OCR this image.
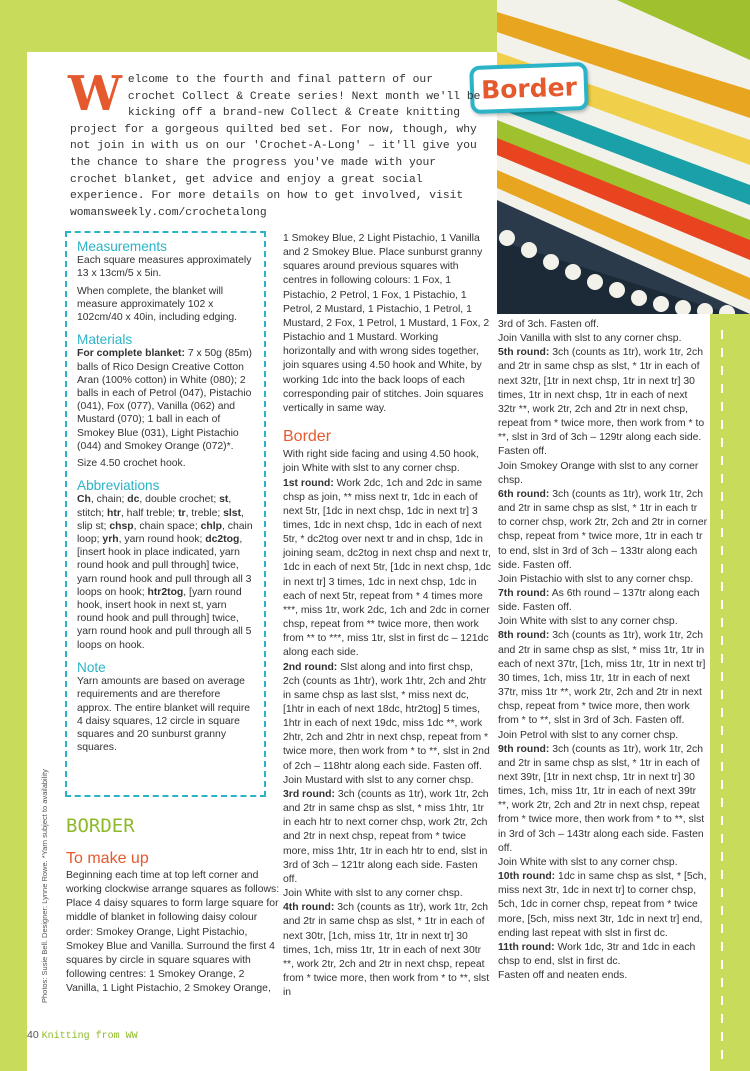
Border
W elcome to the fourth and final pattern of our crochet Collect & Create series! Next month we'll be kicking off a brand-new Collect & Create knitting project for a gorgeous quilted bed set. For now, though, why not join in with us on our 'Crochet-A-Long' – it'll give you the chance to share the progress you've made with your crochet blanket, get advice and enjoy a great social experience. For more details on how to get involved, visit womansweekly.com/crochetalong

Measurements

Each square measures approximately 13 x 13cm/5 x 5in.

When complete, the blanket will measure approximately 102 x 102cm/40 x 40in, including edging.

Materials

For complete blanket: 7 x 50g (85m) balls of Rico Design Creative Cotton Aran (100% cotton) in White (080); 2 balls in each of Petrol (047), Pistachio (041), Fox (077), Vanilla (062) and Mustard (070); 1 ball in each of Smokey Blue (031), Light Pistachio (044) and Smokey Orange (072)*.

Size 4.50 crochet hook.

Abbreviations

Ch, chain; dc, double crochet; st, stitch; htr, half treble; tr, treble; slst, slip st; chsp, chain space; chlp, chain loop; yrh, yarn round hook; dc2tog, [insert hook in place indicated, yarn round hook and pull through] twice, yarn round hook and pull through all 3 loops on hook; htr2tog, [yarn round hook, insert hook in next st, yarn round hook and pull through] twice, yarn round hook and pull through all 5 loops on hook.

Note

Yarn amounts are based on average requirements and are therefore approx. The entire blanket will require 4 daisy squares, 12 circle in square squares and 20 sunburst granny squares.

BORDER
To make up

Beginning each time at top left corner and working clockwise arrange squares as follows: Place 4 daisy squares to form large square for middle of blanket in following daisy colour order: Smokey Orange, Light Pistachio, Smokey Blue and Vanilla. Surround the first 4 squares by circle in square squares with following centres: 1 Smokey Orange, 2 Vanilla, 1 Light Pistachio, 2 Smokey Orange,

1 Smokey Blue, 2 Light Pistachio, 1 Vanilla and 2 Smokey Blue. Place sunburst granny squares around previous squares with centres in following colours: 1 Fox, 1 Pistachio, 2 Petrol, 1 Fox, 1 Pistachio, 1 Petrol, 2 Mustard, 1 Pistachio, 1 Petrol, 1 Mustard, 2 Fox, 1 Petrol, 1 Mustard, 1 Fox, 2 Pistachio and 1 Mustard. Working horizontally and with wrong sides together, join squares using 4.50 hook and White, by working 1dc into the back loops of each corresponding pair of stitches. Join squares vertically in same way.

Border

With right side facing and using 4.50 hook, join White with slst to any corner chsp.

1st round: Work 2dc, 1ch and 2dc in same chsp as join, ** miss next tr, 1dc in each of next 5tr, [1dc in next chsp, 1dc in next tr] 3 times, 1dc in next chsp, 1dc in each of next 5tr, * dc2tog over next tr and in chsp, 1dc in joining seam, dc2tog in next chsp and next tr, 1dc in each of next 5tr, [1dc in next chsp, 1dc in next tr] 3 times, 1dc in next chsp, 1dc in each of next 5tr, repeat from * 4 times more ***, miss 1tr, work 2dc, 1ch and 2dc in corner chsp, repeat from ** twice more, then work from ** to ***, miss 1tr, slst in first dc – 121dc along each side.

2nd round: Slst along and into first chsp, 2ch (counts as 1htr), work 1htr, 2ch and 2htr in same chsp as last slst, * miss next dc, [1htr in each of next 18dc, htr2tog] 5 times, 1htr in each of next 19dc, miss 1dc **, work 2htr, 2ch and 2htr in next chsp, repeat from * twice more, then work from * to **, slst in 2nd of 2ch – 118htr along each side. Fasten off.

Join Mustard with slst to any corner chsp.

3rd round: 3ch (counts as 1tr), work 1tr, 2ch and 2tr in same chsp as slst, * miss 1htr, 1tr in each htr to next corner chsp, work 2tr, 2ch and 2tr in next chsp, repeat from * twice more, miss 1htr, 1tr in each htr to end, slst in 3rd of 3ch – 121tr along each side. Fasten off.

Join White with slst to any corner chsp.

4th round: 3ch (counts as 1tr), work 1tr, 2ch and 2tr in same chsp as slst, * 1tr in each of next 30tr, [1ch, miss 1tr, 1tr in next tr] 30 times, 1ch, miss 1tr, 1tr in each of next 30tr **, work 2tr, 2ch and 2tr in next chsp, repeat from * twice more, then work from * to **, slst in

3rd of 3ch. Fasten off.

Join Vanilla with slst to any corner chsp.

5th round: 3ch (counts as 1tr), work 1tr, 2ch and 2tr in same chsp as slst, * 1tr in each of next 32tr, [1tr in next chsp, 1tr in next tr] 30 times, 1tr in next chsp, 1tr in each of next 32tr **, work 2tr, 2ch and 2tr in next chsp, repeat from * twice more, then work from * to **, slst in 3rd of 3ch – 129tr along each side. Fasten off.

Join Smokey Orange with slst to any corner chsp.

6th round: 3ch (counts as 1tr), work 1tr, 2ch and 2tr in same chsp as slst, * 1tr in each tr to corner chsp, work 2tr, 2ch and 2tr in corner chsp, repeat from * twice more, 1tr in each tr to end, slst in 3rd of 3ch – 133tr along each side. Fasten off.

Join Pistachio with slst to any corner chsp.

7th round: As 6th round – 137tr along each side. Fasten off.

Join White with slst to any corner chsp.

8th round: 3ch (counts as 1tr), work 1tr, 2ch and 2tr in same chsp as slst, * miss 1tr, 1tr in each of next 37tr, [1ch, miss 1tr, 1tr in next tr] 30 times, 1ch, miss 1tr, 1tr in each of next 37tr, miss 1tr **, work 2tr, 2ch and 2tr in next chsp, repeat from * twice more, then work from * to **, slst in 3rd of 3ch. Fasten off.

Join Petrol with slst to any corner chsp.

9th round: 3ch (counts as 1tr), work 1tr, 2ch and 2tr in same chsp as slst, * 1tr in each of next 39tr, [1tr in next chsp, 1tr in next tr] 30 times, 1ch, miss 1tr, 1tr in each of next 39tr **, work 2tr, 2ch and 2tr in next chsp, repeat from * twice more, then work from * to **, slst in 3rd of 3ch – 143tr along each side. Fasten off.

Join White with slst to any corner chsp.

10th round: 1dc in same chsp as slst, * [5ch, miss next 3tr, 1dc in next tr] to corner chsp, 5ch, 1dc in corner chsp, repeat from * twice more, [5ch, miss next 3tr, 1dc in next tr] end, ending last repeat with slst in first dc.

11th round: Work 1dc, 3tr and 1dc in each chsp to end, slst in first dc.

Fasten off and neaten ends.

Photos: Susie Bell. Designer: Lynne Rowe. *Yarn subject to availability
40 Knitting from WW
